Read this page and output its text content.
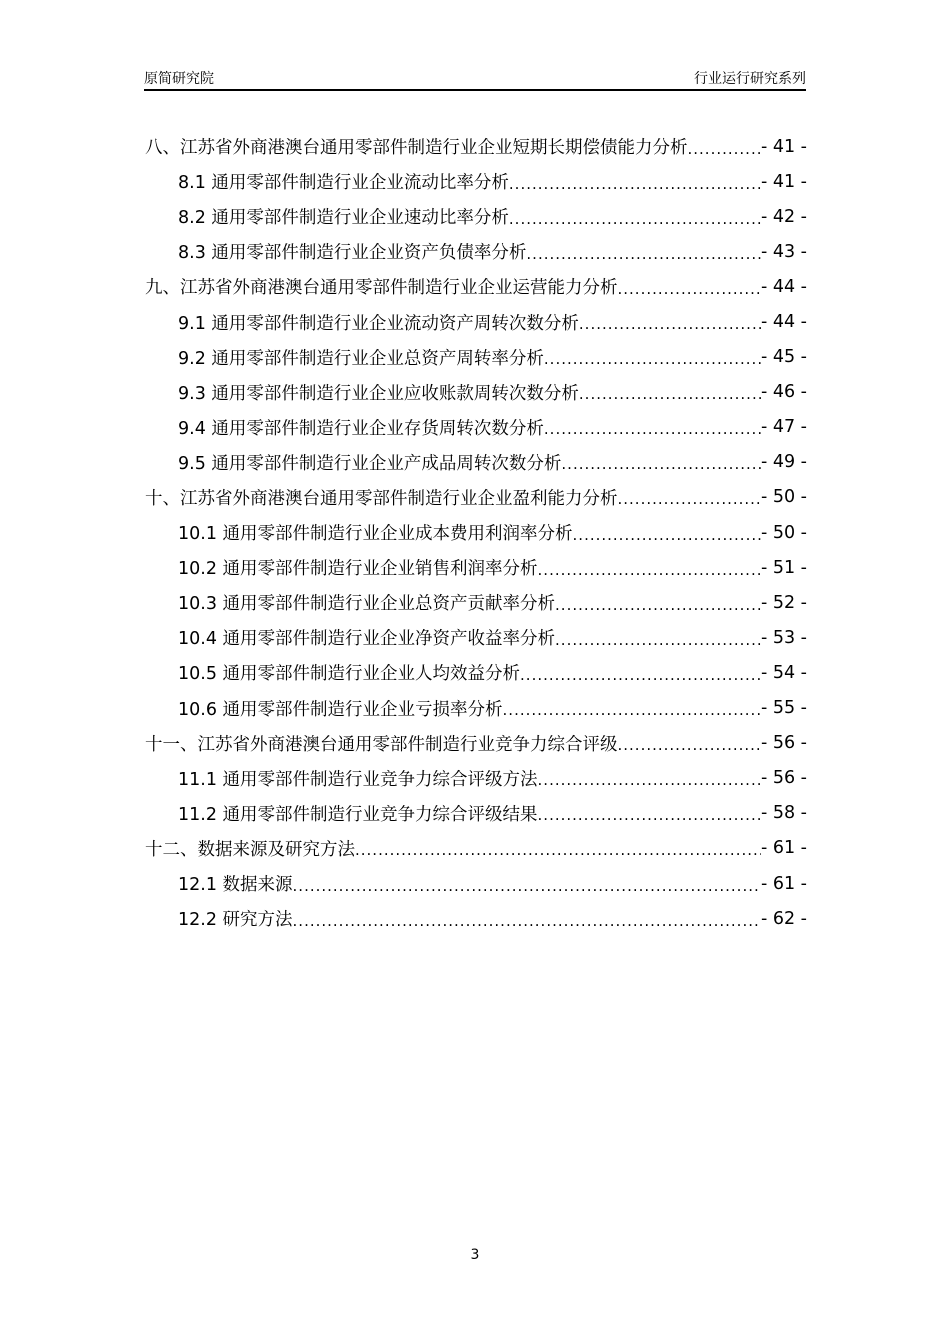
原简研究院	行业运行研究系列
八、江苏省外商港澳台通用零部件制造行业企业短期长期偿债能力分析 .....	- 41 -
8.1 通用零部件制造行业企业流动比率分析 .....	- 41 -
8.2 通用零部件制造行业企业速动比率分析 .....	- 42 -
8.3 通用零部件制造行业企业资产负债率分析 .....	- 43 -
九、江苏省外商港澳台通用零部件制造行业企业运营能力分析 .....	- 44 -
9.1 通用零部件制造行业企业流动资产周转次数分析 .....	- 44 -
9.2 通用零部件制造行业企业总资产周转率分析 .....	- 45 -
9.3 通用零部件制造行业企业应收账款周转次数分析 .....	- 46 -
9.4 通用零部件制造行业企业存货周转次数分析 .....	- 47 -
9.5 通用零部件制造行业企业产成品周转次数分析 .....	- 49 -
十、江苏省外商港澳台通用零部件制造行业企业盈利能力分析 .....	- 50 -
10.1 通用零部件制造行业企业成本费用利润率分析 .....	- 50 -
10.2 通用零部件制造行业企业销售利润率分析 .....	- 51 -
10.3 通用零部件制造行业企业总资产贡献率分析 .....	- 52 -
10.4 通用零部件制造行业企业净资产收益率分析 .....	- 53 -
10.5 通用零部件制造行业企业人均效益分析 .....	- 54 -
10.6 通用零部件制造行业企业亏损率分析 .....	- 55 -
十一、江苏省外商港澳台通用零部件制造行业竞争力综合评级 .....	- 56 -
11.1 通用零部件制造行业竞争力综合评级方法 .....	- 56 -
11.2 通用零部件制造行业竞争力综合评级结果 .....	- 58 -
十二、数据来源及研究方法 .....	- 61 -
12.1 数据来源 .....	- 61 -
12.2 研究方法 .....	- 62 -
3
